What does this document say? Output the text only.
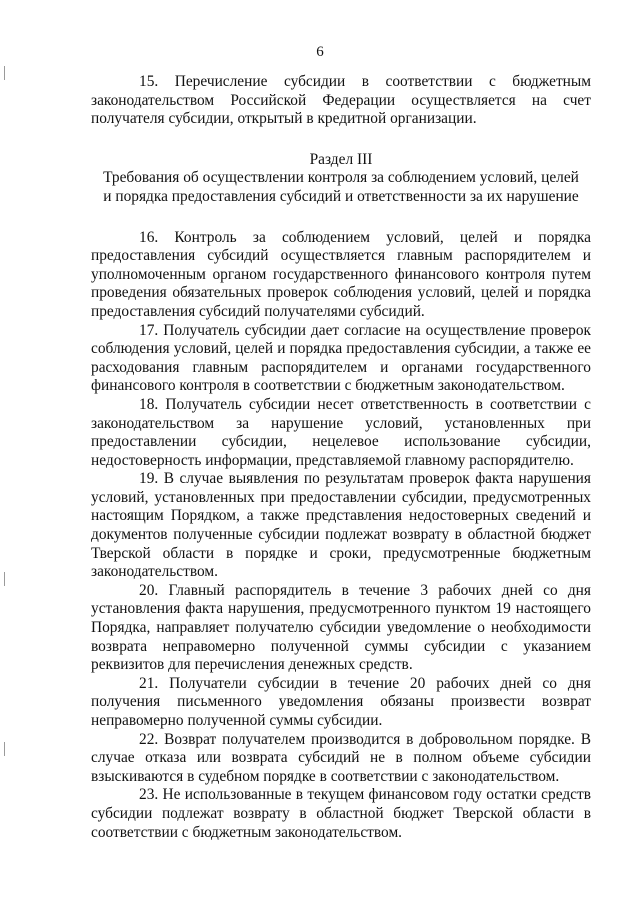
6

15. Перечисление субсидии в соответствии с бюджетным законодательством Российской Федерации осуществляется на счет получателя субсидии, открытый в кредитной организации.

Раздел III

Требования об осуществлении контроля за соблюдением условий, целей

и порядка предоставления субсидий и ответственности за их нарушение

16. Контроль за соблюдением условий, целей и порядка предоставления субсидий осуществляется главным распорядителем и уполномоченным органом государственного финансового контроля путем проведения обязательных проверок соблюдения условий, целей и порядка предоставления субсидий получателями субсидий.

17. Получатель субсидии дает согласие на осуществление проверок соблюдения условий, целей и порядка предоставления субсидии, а также ее расходования главным распорядителем и органами государственного финансового контроля в соответствии с бюджетным законодательством.

18. Получатель субсидии несет ответственность в соответствии с законодательством за нарушение условий, установленных при предоставлении субсидии, нецелевое использование субсидии, недостоверность информации, представляемой главному распорядителю.

19. В случае выявления по результатам проверок факта нарушения условий, установленных при предоставлении субсидии, предусмотренных настоящим Порядком, а также представления недостоверных сведений и документов полученные субсидии подлежат возврату в областной бюджет Тверской области в порядке и сроки, предусмотренные бюджетным законодательством.

20. Главный распорядитель в течение 3 рабочих дней со дня установления факта нарушения, предусмотренного пунктом 19 настоящего Порядка, направляет получателю субсидии уведомление о необходимости возврата неправомерно полученной суммы субсидии с указанием реквизитов для перечисления денежных средств.

21. Получатели субсидии в течение 20 рабочих дней со дня получения письменного уведомления обязаны произвести возврат неправомерно полученной суммы субсидии.

22. Возврат получателем производится в добровольном порядке. В случае отказа или возврата субсидий не в полном объеме субсидии взыскиваются в судебном порядке в соответствии с законодательством.

23. Не использованные в текущем финансовом году остатки средств субсидии подлежат возврату в областной бюджет Тверской области в соответствии с бюджетным законодательством.
